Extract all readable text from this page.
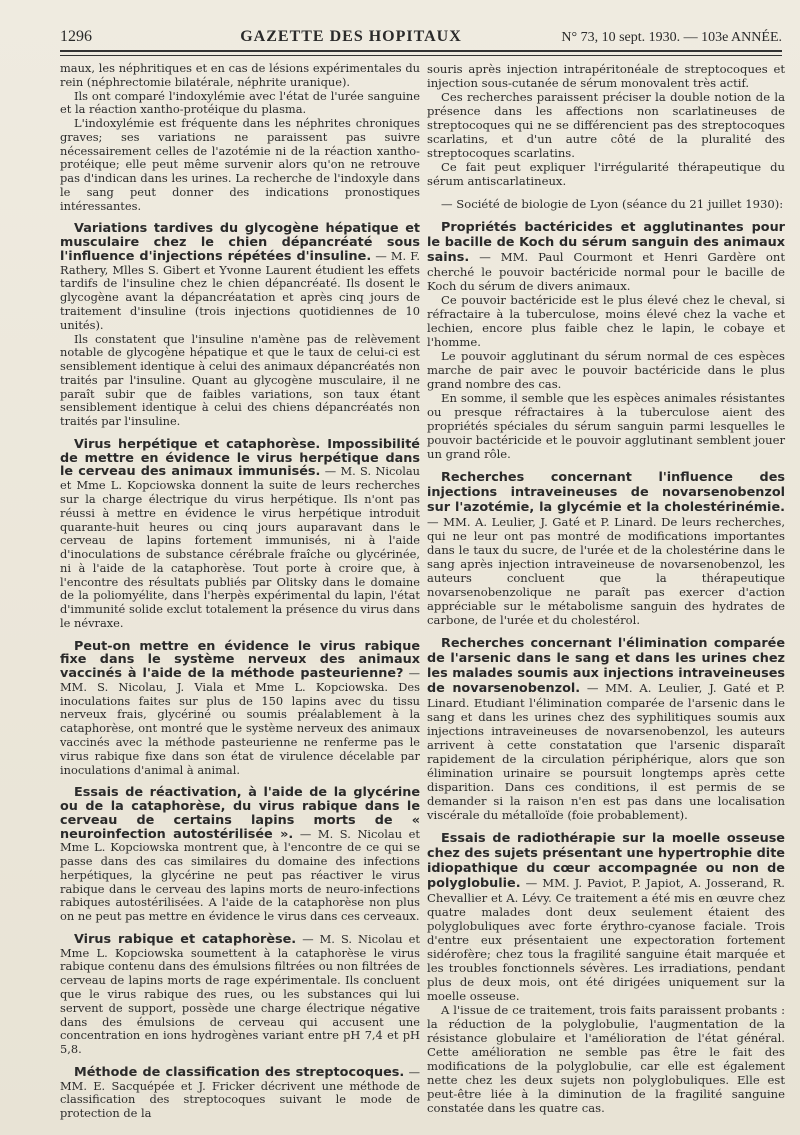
1296	GAZETTE DES HOPITAUX	N° 73, 10 sept. 1930. — 103e ANNÉE.

maux, les néphritiques et en cas de lésions expérimentales du rein (néphrectomie bilatérale, néphrite uranique).

Ils ont comparé l'indoxylémie avec l'état de l'urée sanguine et la réaction xantho-protéique du plasma.

L'indoxylémie est fréquente dans les néphrites chroniques graves; ses variations ne paraissent pas suivre nécessairement celles de l'azotémie ni de la réaction xantho-protéique; elle peut même survenir alors qu'on ne retrouve pas d'indican dans les urines. La recherche de l'indoxyle dans le sang peut donner des indications pronostiques intéressantes.

Variations tardives du glycogène hépatique et musculaire chez le chien dépancréaté sous l'influence d'injections répétées d'insuline. — M. F. Rathery, Mlles S. Gibert et Yvonne Laurent étudient les effets tardifs de l'insuline chez le chien dépancréaté. Ils dosent le glycogène avant la dépancréatation et après cinq jours de traitement d'insuline (trois injections quotidiennes de 10 unités).

Ils constatent que l'insuline n'amène pas de relèvement notable de glycogène hépatique et que le taux de celui-ci est sensiblement identique à celui des animaux dépancréatés non traités par l'insuline. Quant au glycogène musculaire, il ne paraît subir que de faibles variations, son taux étant sensiblement identique à celui des chiens dépancréatés non traités par l'insuline.

Virus herpétique et cataphorèse. Impossibilité de mettre en évidence le virus herpétique dans le cerveau des animaux immunisés. — M. S. Nicolau et Mme L. Kopciowska donnent la suite de leurs recherches sur la charge électrique du virus herpétique. Ils n'ont pas réussi à mettre en évidence le virus herpétique introduit quarante-huit heures ou cinq jours auparavant dans le cerveau de lapins fortement immunisés, ni à l'aide d'inoculations de substance cérébrale fraîche ou glycérinée, ni à l'aide de la cataphorèse. Tout porte à croire que, à l'encontre des résultats publiés par Olitsky dans le domaine de la poliomyélite, dans l'herpès expérimental du lapin, l'état d'immunité solide exclut totalement la présence du virus dans le névraxe.

Peut-on mettre en évidence le virus rabique fixe dans le système nerveux des animaux vaccinés à l'aide de la méthode pasteurienne? — MM. S. Nicolau, J. Viala et Mme L. Kopciowska. Des inoculations faites sur plus de 150 lapins avec du tissu nerveux frais, glycériné ou soumis préalablement à la cataphorèse, ont montré que le système nerveux des animaux vaccinés avec la méthode pasteurienne ne renferme pas le virus rabique fixe dans son état de virulence décelable par inoculations d'animal à animal.

Essais de réactivation, à l'aide de la glycérine ou de la cataphorèse, du virus rabique dans le cerveau de certains lapins morts de « neuroinfection autostérilisée ». — M. S. Nicolau et Mme L. Kopciowska montrent que, à l'encontre de ce qui se passe dans des cas similaires du domaine des infections herpétiques, la glycérine ne peut pas réactiver le virus rabique dans le cerveau des lapins morts de neuro-infections rabiques autostérilisées. A l'aide de la cataphorèse non plus on ne peut pas mettre en évidence le virus dans ces cerveaux.

Virus rabique et cataphorèse. — M. S. Nicolau et Mme L. Kopciowska soumettent à la cataphorèse le virus rabique contenu dans des émulsions filtrées ou non filtrées de cerveau de lapins morts de rage expérimentale. Ils concluent que le virus rabique des rues, ou les substances qui lui servent de support, possède une charge électrique négative dans des émulsions de cerveau qui accusent une concentration en ions hydrogènes variant entre pH 7,4 et pH 5,8.

Méthode de classification des streptocoques. — MM. E. Sacquépée et J. Fricker décrivent une méthode de classification des streptocoques suivant le mode de protection de la

souris après injection intrapéritonéale de streptocoques et injection sous-cutanée de sérum monovalent très actif.

Ces recherches paraissent préciser la double notion de la présence dans les affections non scarlatineuses de streptocoques qui ne se différencient pas des streptocoques scarlatins, et d'un autre côté de la pluralité des streptocoques scarlatins.

Ce fait peut expliquer l'irrégularité thérapeutique du sérum antiscarlatineux.

— Société de biologie de Lyon (séance du 21 juillet 1930):

Propriétés bactéricides et agglutinantes pour le bacille de Koch du sérum sanguin des animaux sains. — MM. Paul Courmont et Henri Gardère ont cherché le pouvoir bactéricide normal pour le bacille de Koch du sérum de divers animaux.

Ce pouvoir bactéricide est le plus élevé chez le cheval, si réfractaire à la tuberculose, moins élevé chez la vache et lechien, encore plus faible chez le lapin, le cobaye et l'homme.

Le pouvoir agglutinant du sérum normal de ces espèces marche de pair avec le pouvoir bactéricide dans le plus grand nombre des cas.

En somme, il semble que les espèces animales résistantes ou presque réfractaires à la tuberculose aient des propriétés spéciales du sérum sanguin parmi lesquelles le pouvoir bactéricide et le pouvoir agglutinant semblent jouer un grand rôle.

Recherches concernant l'influence des injections intraveineuses de novarsenobenzol sur l'azotémie, la glycémie et la cholestérinémie. — MM. A. Leulier, J. Gaté et P. Linard. De leurs recherches, qui ne leur ont pas montré de modifications importantes dans le taux du sucre, de l'urée et de la cholestérine dans le sang après injection intraveineuse de novarsenobenzol, les auteurs concluent que la thérapeutique novarsenobenzolique ne paraît pas exercer d'action appréciable sur le métabolisme sanguin des hydrates de carbone, de l'urée et du cholestérol.

Recherches concernant l'élimination comparée de l'arsenic dans le sang et dans les urines chez les malades soumis aux injections intraveineuses de novarsenobenzol. — MM. A. Leulier, J. Gaté et P. Linard. Etudiant l'élimination comparée de l'arsenic dans le sang et dans les urines chez des syphilitiques soumis aux injections intraveineuses de novarsenobenzol, les auteurs arrivent à cette constatation que l'arsenic disparaît rapidement de la circulation périphérique, alors que son élimination urinaire se poursuit longtemps après cette disparition. Dans ces conditions, il est permis de se demander si la raison n'en est pas dans une localisation viscérale du métalloïde (foie probablement).

Essais de radiothérapie sur la moelle osseuse chez des sujets présentant une hypertrophie dite idiopathique du cœur accompagnée ou non de polyglobulie. — MM. J. Paviot, P. Japiot, A. Josserand, R. Chevallier et A. Lévy. Ce traitement a été mis en œuvre chez quatre malades dont deux seulement étaient des polyglobuliques avec forte érythro-cyanose faciale. Trois d'entre eux présentaient une expectoration fortement sidérofère; chez tous la fragilité sanguine était marquée et les troubles fonctionnels sévères. Les irradiations, pendant plus de deux mois, ont été dirigées uniquement sur la moelle osseuse.

A l'issue de ce traitement, trois faits paraissent probants : la réduction de la polyglobulie, l'augmentation de la résistance globulaire et l'amélioration de l'état général. Cette amélioration ne semble pas être le fait des modifications de la polyglobulie, car elle est également nette chez les deux sujets non polyglobuliques. Elle est peut-être liée à la diminution de la fragilité sanguine constatée dans les quatre cas.
